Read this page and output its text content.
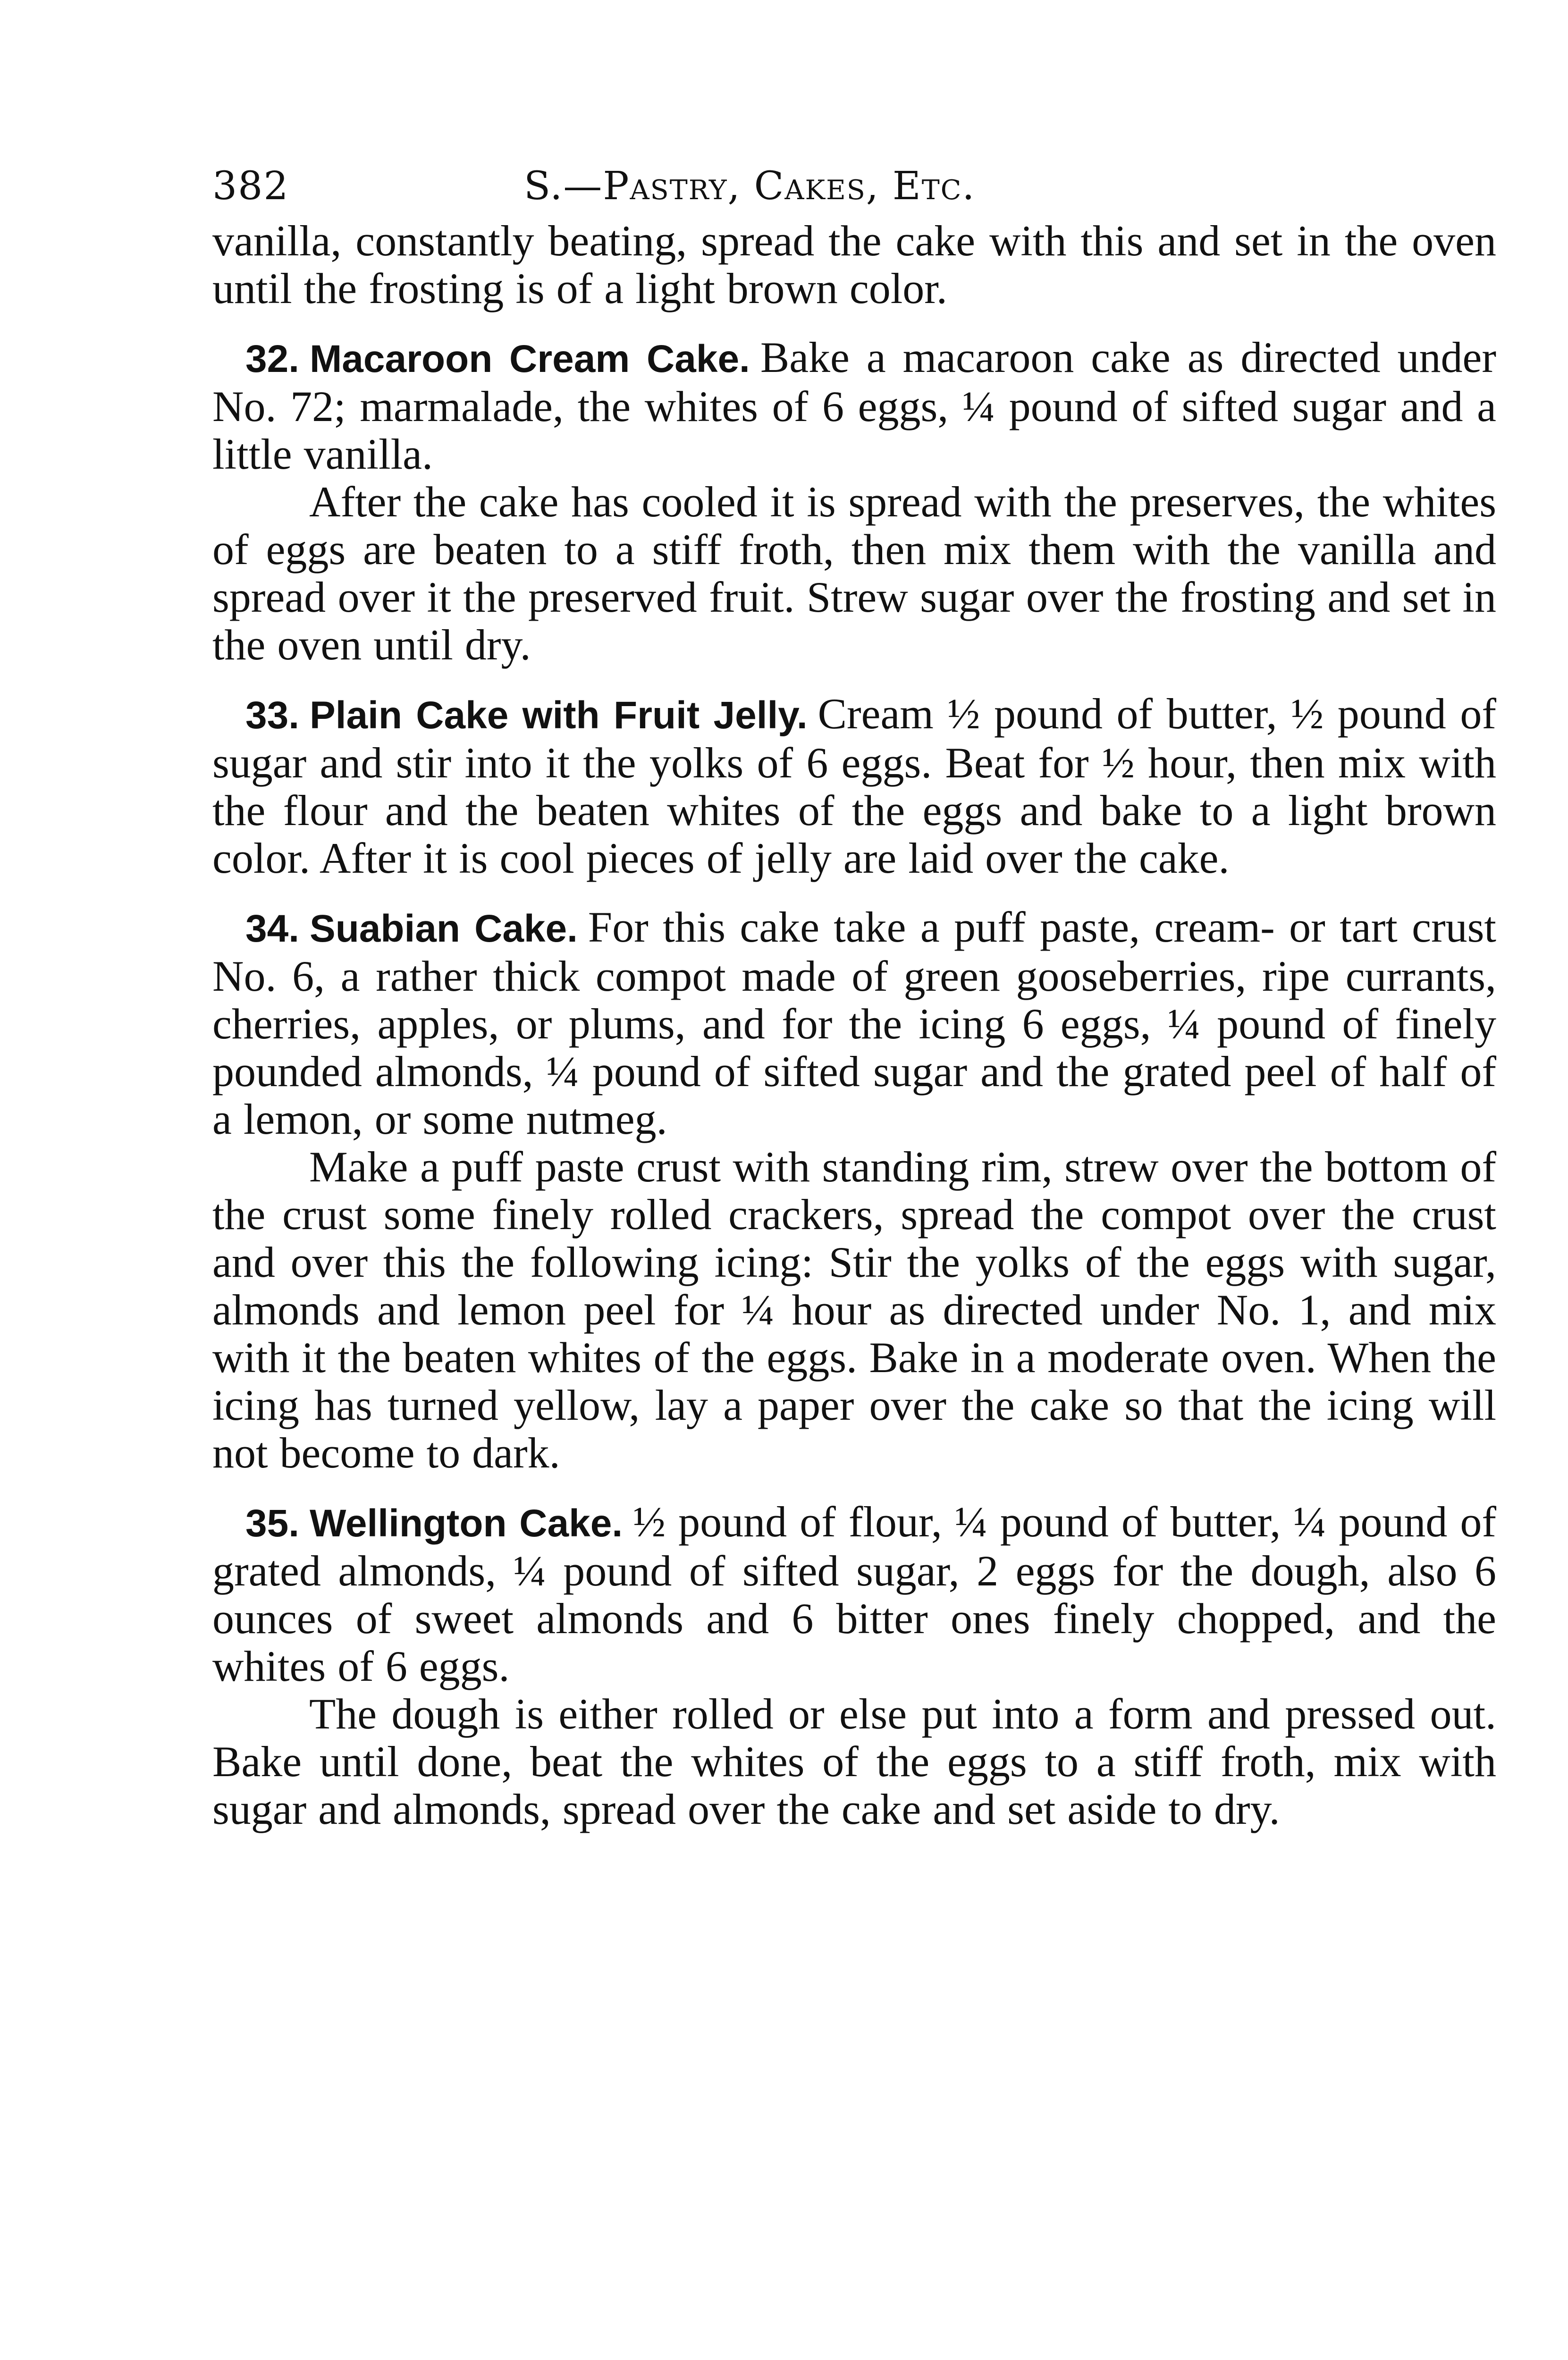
382	S.—Pastry, Cakes, Etc.

vanilla, constantly beating, spread the cake with this and set in the oven until the frosting is of a light brown color.

32. Macaroon Cream Cake. Bake a macaroon cake as directed under No. 72; marmalade, the whites of 6 eggs, ¼ pound of sifted sugar and a little vanilla.

After the cake has cooled it is spread with the preserves, the whites of eggs are beaten to a stiff froth, then mix them with the vanilla and spread over it the preserved fruit. Strew sugar over the frosting and set in the oven until dry.

33. Plain Cake with Fruit Jelly. Cream ½ pound of butter, ½ pound of sugar and stir into it the yolks of 6 eggs. Beat for ½ hour, then mix with the flour and the beaten whites of the eggs and bake to a light brown color. After it is cool pieces of jelly are laid over the cake.

34. Suabian Cake. For this cake take a puff paste, cream- or tart crust No. 6, a rather thick compot made of green gooseberries, ripe currants, cherries, apples, or plums, and for the icing 6 eggs, ¼ pound of finely pounded almonds, ¼ pound of sifted sugar and the grated peel of half of a lemon, or some nutmeg.

Make a puff paste crust with standing rim, strew over the bottom of the crust some finely rolled crackers, spread the compot over the crust and over this the following icing: Stir the yolks of the eggs with sugar, almonds and lemon peel for ¼ hour as directed under No. 1, and mix with it the beaten whites of the eggs. Bake in a moderate oven. When the icing has turned yellow, lay a paper over the cake so that the icing will not become to dark.

35. Wellington Cake. ½ pound of flour, ¼ pound of butter, ¼ pound of grated almonds, ¼ pound of sifted sugar, 2 eggs for the dough, also 6 ounces of sweet almonds and 6 bitter ones finely chopped, and the whites of 6 eggs.

The dough is either rolled or else put into a form and pressed out. Bake until done, beat the whites of the eggs to a stiff froth, mix with sugar and almonds, spread over the cake and set aside to dry.
